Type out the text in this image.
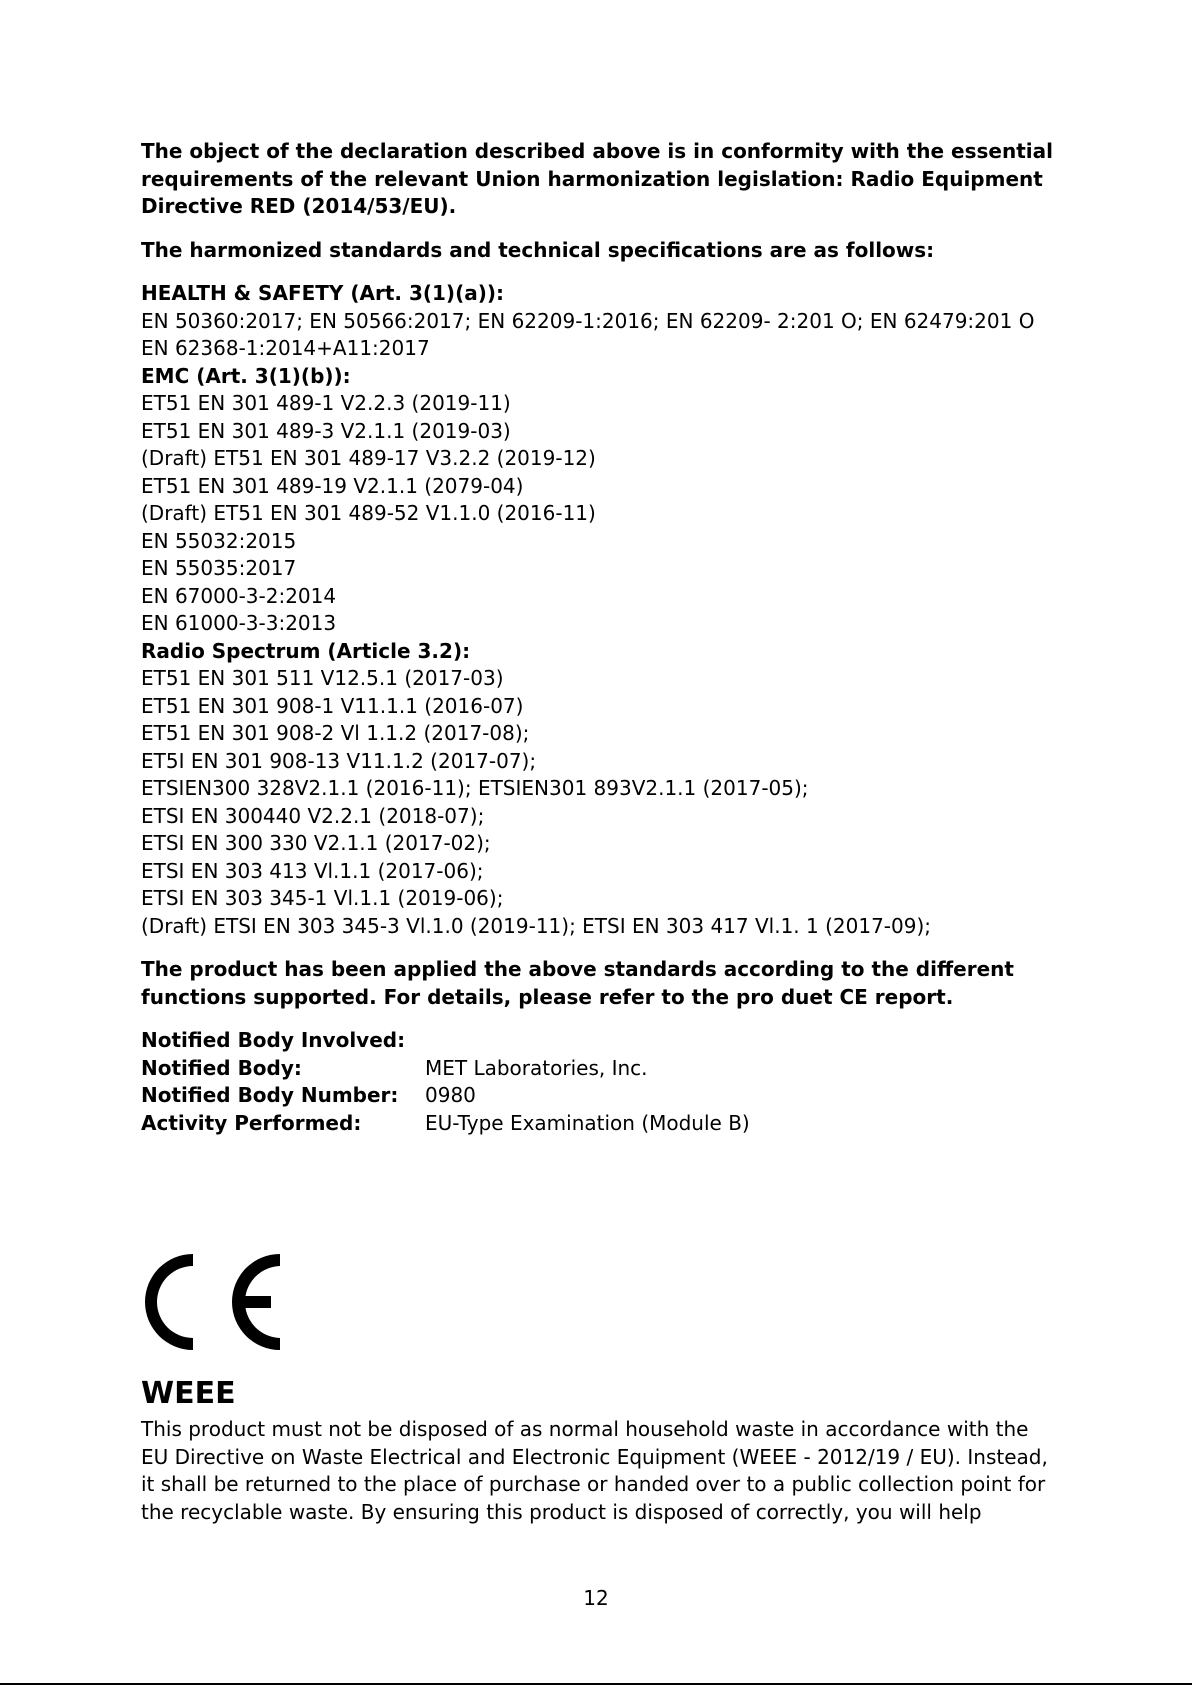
The object of the declaration described above is in conformity with the essential requirements of the relevant Union harmonization legislation: Radio Equipment Directive RED (2014/53/EU).

The harmonized standards and technical specifications are as follows:

HEALTH & SAFETY (Art. 3(1)(a)):
EN 50360:2017; EN 50566:2017; EN 62209-1:2016; EN 62209- 2:201 O; EN 62479:201 O
EN 62368-1:2014+A11:2017
EMC (Art. 3(1)(b)):
ET51 EN 301 489-1 V2.2.3 (2019-11)
ET51 EN 301 489-3 V2.1.1 (2019-03)
(Draft) ET51 EN 301 489-17 V3.2.2 (2019-12)
ET51 EN 301 489-19 V2.1.1 (2079-04)
(Draft) ET51 EN 301 489-52 V1.1.0 (2016-11)
EN 55032:2015
EN 55035:2017
EN 67000-3-2:2014
EN 61000-3-3:2013
Radio Spectrum (Article 3.2):
ET51 EN 301 511 V12.5.1 (2017-03)
ET51 EN 301 908-1 V11.1.1 (2016-07)
ET51 EN 301 908-2 Vl 1.1.2 (2017-08);
ET5I EN 301 908-13 V11.1.2 (2017-07);
ETSIEN300 328V2.1.1 (2016-11); ETSIEN301 893V2.1.1 (2017-05);
ETSI EN 300440 V2.2.1 (2018-07);
ETSI EN 300 330 V2.1.1 (2017-02);
ETSI EN 303 413 Vl.1.1 (2017-06);
ETSI EN 303 345-1 Vl.1.1 (2019-06);
(Draft) ETSI EN 303 345-3 Vl.1.0 (2019-11); ETSI EN 303 417 Vl.1. 1 (2017-09);

The product has been applied the above standards according to the different functions supported. For details, please refer to the pro duet CE report.

Notified Body Involved:

Notified Body:	MET Laboratories, Inc.
Notified Body Number:	0980
Activity Performed:	EU-Type Examination (Module B)
WEEE

This product must not be disposed of as normal household waste in accordance with the EU Directive on Waste Electrical and Electronic Equipment (WEEE - 2012/19 / EU). Instead, it shall be returned to the place of purchase or handed over to a public collection point for the recyclable waste. By ensuring this product is disposed of correctly, you will help

12
